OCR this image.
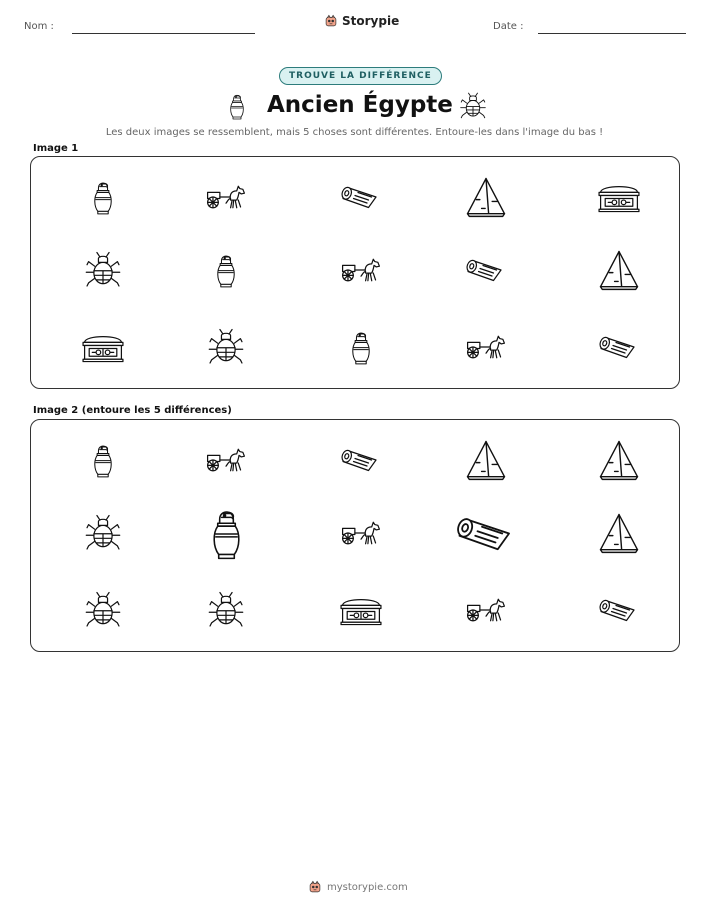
Nom :	Storypie	Date :
TROUVE LA DIFFÉRENCE
Ancien Égypte
Les deux images se ressemblent, mais 5 choses sont différentes. Entoure-les dans l'image du bas !
Image 1
Image 2 (entoure les 5 différences)
mystorypie.com
